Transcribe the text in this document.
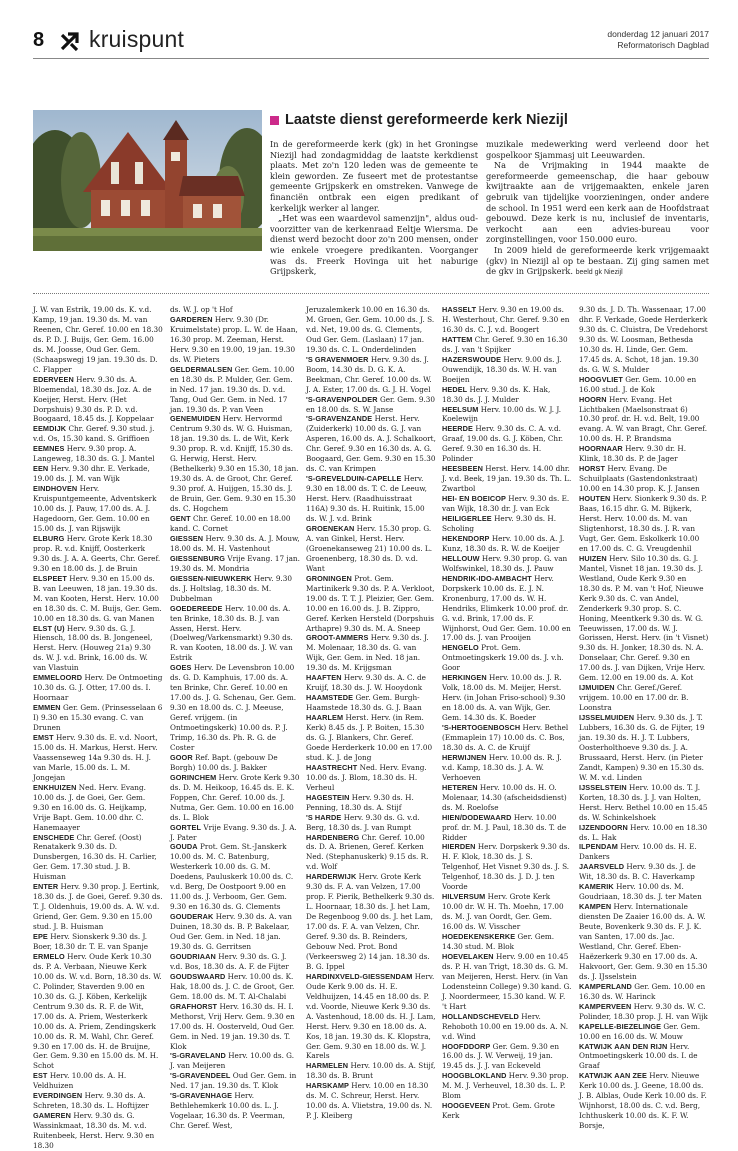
8 kruispunt	donderdag 12 januari 2017
Reformatorisch Dagblad
Laatste dienst gereformeerde kerk Niezijl

In de gereformeerde kerk (gk) in het Groningse Niezijl had zondagmiddag de laatste kerkdienst plaats. Met zo'n 120 leden was de gemeente te klein geworden. Ze fuseert met de protestantse gemeente Grijpskerk en omstreken. Vanwege de financiën ontbrak een eigen predikant of kerkelijk werker al langer.

„Het was een waardevol samenzijn", aldus oud-voorzitter van de kerkenraad Eeltje Wiersma. De dienst werd bezocht door zo'n 200 mensen, onder wie enkele vroegere predikanten. Voorganger was ds. Freerk Hovinga uit het naburige Grijpskerk,

muzikale medewerking werd verleend door het gospelkoor Sjammasj uit Leeuwarden.

Na de Vrijmaking in 1944 maakte de gereformeerde gemeenschap, die haar gebouw kwijtraakte aan de vrijgemaakten, enkele jaren gebruik van tijdelijke voorzieningen, onder andere de school. In 1951 werd een kerk aan de Hoofdstraat gebouwd. Deze kerk is nu, inclusief de inventaris, verkocht aan een advies-bureau voor zorginstellingen, voor 150.000 euro.

In 2009 hield de gereformeerde kerk vrijgemaakt (gkv) in Niezijl al op te bestaan. Zij ging samen met de gkv in Grijpskerk. beeld gk Niezijl

J. W. van Estrik, 19.00 ds. K. v.d. Kamp, 19 jan. 19.30 ds. M. van Reenen, Chr. Geref. 10.00 en 18.30 ds. P. D. J. Buijs, Ger. Gem. 16.00 ds. M. Joosse, Oud Ger. Gem. (Schaapswegj 19 jan. 19.30 ds. D. C. Flapper

EDERVEEN Herv. 9.30 ds. A. Bloemendal, 18.30 ds. Joz. A. de Koeijer, Herst. Herv. (Het Dorpshuis) 9.30 ds. P. D. v.d. Boogaard, 18.45 ds. J. Koppelaar

EEMDIJK Chr. Geref. 9.30 stud. j. v.d. Os, 15.30 kand. S. Griffioen

EEMNES Herv. 9.30 prop. A. Langeweg, 18.30 ds. G. J. Mantel

EEN Herv. 9.30 dhr. E. Verkade, 19.00 ds. J. M. van Wijk

EINDHOVEN Herv. Kruispuntgemeente, Adventskerk 10.00 ds. J. Pauw, 17.00 ds. A. J. Hagedoorn, Ger. Gem. 10.00 en 15.00 ds. J. van Rijswijk

ELBURG Herv. Grote Kerk 18.30 prop. R. v.d. Knijff, Oosterkerk 9.30 ds. J. A. A. Geerts, Chr. Geref. 9.30 en 18.00 ds. J. de Bruin

ELSPEET Herv. 9.30 en 15.00 ds. B. van Leeuwen, 18 jan. 19.30 ds. M. van Kooten, Herst. Herv. 10.00 en 18.30 ds. C. M. Buijs, Ger. Gem. 10.00 en 18.30 ds. G. van Manen

ELST (U) Herv. 9.30 ds. G. J. Hiensch, 18.00 ds. B. Jongeneel, Herst. Herv. (Houweg 21a) 9.30 ds. W. J. v.d. Brink, 16.00 ds. W. van Vlastuin

EMMELOORD Herv. De Ontmoeting 10.30 ds. G. J. Otter, 17.00 ds. I. Hoornaar

EMMEN Ger. Gem. (Prinsesselaan 6 I) 9.30 en 15.30 evang. C. van Drunen

EMST Herv. 9.30 ds. E. v.d. Noort, 15.00 ds. H. Markus, Herst. Herv. Vaassenseweg 14a 9.30 ds. H. J. van Marle, 15.00 ds. L. M. Jongejan

ENKHUIZEN Ned. Herv. Evang. 10.00 ds. J. de Goei, Ger. Gem. 9.30 en 16.00 ds. G. Heijkamp, Vrije Bapt. Gem. 10.00 dhr. C. Hanemaayer

ENSCHEDE Chr. Geref. (Oost) Renatakerk 9.30 ds. D. Dunsbergen, 16.30 ds. H. Carlier, Ger. Gem. 17.30 stud. J. B. Huisman

ENTER Herv. 9.30 prop. J. Eertink, 18.30 ds. J. de Goei, Geref. 9.30 ds. T. J. Oldenhuis, 19.00 ds. A. W. v.d. Griend, Ger. Gem. 9.30 en 15.00 stud. J. B. Huisman

EPE Herv. Sionskerk 9.30 ds. J. Boer, 18.30 dr. T. E. van Spanje

ERMELO Herv. Oude Kerk 10.30 ds. P. A. Verbaan, Nieuwe Kerk 10.00 ds. W. v.d. Born, 18.30 ds. W. C. Polinder, Staverden 9.00 en 10.30 ds. G. J. Köben, Kerkelijk Centrum 9.30 ds. R. F. de Wit, 17.00 ds. A. Priem, Westerkerk 10.00 ds. A. Priem, Zendingskerk 10.00 ds. R. M. Wahl, Chr. Geref. 9.30 en 17.00 ds. H. de Bruijne, Ger. Gem. 9.30 en 15.00 ds. M. H. Schot

EST Herv. 10.00 ds. A. H. Veldhuizen

EVERDINGEN Herv. 9.30 ds. A. Schreten, 18.30 ds. L. Hoftijzer

GAMEREN Herv. 9.30 ds. G. Wassinkmaat, 18.30 ds. M. v.d. Ruitenbeek, Herst. Herv. 9.30 en 18.30

ds. W. J. op 't Hof

GARDEREN Herv. 9.30 (Dr. Kruimelstate) prop. L. W. de Haan, 16.30 prop. M. Zeeman, Herst. Herv. 9.30 en 19.00, 19 jan. 19.30 ds. W. Pieters

GELDERMALSEN Ger. Gem. 10.00 en 18.30 ds. P. Mulder, Ger. Gem. in Ned. 17 jan. 19.30 ds. D. v.d. Tang, Oud Ger. Gem. in Ned. 17 jan. 19.30 ds. P. van Veen

GENEMUIDEN Herv. Hervormd Centrum 9.30 ds. W. G. Huisman, 18 jan. 19.30 ds. L. de Wit, Kerk 9.30 prop. R. v.d. Knijff, 15.30 ds. G. Herwig, Herst. Herv. (Bethelkerk) 9.30 en 15.30, 18 jan. 19.30 ds. A. de Groot, Chr. Geref. 9.30 prof. A. Huijgen, 15.30 ds. J. de Bruin, Ger. Gem. 9.30 en 15.30 ds. C. Hogchem

GENT Chr. Geref. 10.00 en 18.00 kand. C. Cornet

GIESSEN Herv. 9.30 ds. A. J. Mouw, 18.00 ds. M. H. Vastenhout

GIESSENBURG Vrije Evang. 17 jan. 19.30 ds. M. Mondria

GIESSEN-NIEUWKERK Herv. 9.30 ds. J. Holtslag, 18.30 ds. M. Dubbelman

GOEDEREEDE Herv. 10.00 ds. A. ten Brinke, 18.30 ds. B. J. van Assen, Herst. Herv. (Doelweg/Varkensmarkt) 9.30 ds. R. van Kooten, 18.00 ds. J. W. van Estrik

GOES Herv. De Levensbron 10.00 ds. G. D. Kamphuis, 17.00 ds. A. ten Brinke, Chr. Geref. 10.00 en 17.00 ds. J. G. Schenau, Ger. Gem. 9.30 en 18.00 ds. C. J. Meeuse, Geref. vrijgem. (in Ontmoetingskerk) 10.00 ds. P. J. Trimp, 16.30 ds. Ph. R. G. de Coster

GOOR Ref. Bapt. (gebouw De Borgh) 10.00 ds. J. Bakker

GORINCHEM Herv. Grote Kerk 9.30 ds. D. M. Heikoop, 16.45 ds. E. K. Foppen, Chr. Geref. 10.00 ds. J. Nutma, Ger. Gem. 10.00 en 16.00 ds. L. Blok

GORTEL Vrije Evang. 9.30 ds. J. A. J. Pater

GOUDA Prot. Gem. St.-Janskerk 10.00 ds. M. C. Batenburg, Westerkerk 10.00 ds. G. M. Doedens, Pauluskerk 10.00 ds. C. v.d. Berg, De Oostpoort 9.00 en 11.00 ds. J. Verboom, Ger. Gem. 9.30 en 16.30 ds. G. Clements

GOUDERAK Herv. 9.30 ds. A. van Duinen, 18.30 ds. B. P. Bakelaar, Oud Ger. Gem. in Ned. 18 jan. 19.30 ds. G. Gerritsen

GOUDRIAAN Herv. 9.30 ds. G. J. v.d. Bos, 18.30 ds. A. F. de Fijter

GOUDSWAARD Herv. 10.00 ds. K. Hak, 18.00 ds. J. C. de Groot, Ger. Gem. 18.00 ds. M. T. Al-Chalabi

GRAFHORST Herv. 16.30 ds. H. I. Methorst, Vrij Herv. Gem. 9.30 en 17.00 ds. H. Oosterveld, Oud Ger. Gem. in Ned. 19 jan. 19.30 ds. T. Klok

'S-GRAVELAND Herv. 10.00 ds. G. J. van Meijeren

'S-GRAVENDEEL Oud Ger. Gem. in Ned. 17 jan. 19.30 ds. T. Klok

'S-GRAVENHAGE Herv. Bethlehemkerk 10.00 ds. L. J. Vogelaar, 16.30 ds. P. Veerman, Chr. Geref. West,

Jeruzalemkerk 10.00 en 16.30 ds. M. Groen, Ger. Gem. 10.00 ds. J. S. v.d. Net, 19.00 ds. G. Clements, Oud Ger. Gem. (Laslaan) 17 jan. 19.30 ds. C. L. Onderdelinden

'S GRAVENMOER Herv. 9.30 ds. J. Boom, 14.30 ds. D. G. K. A. Beekman, Chr. Geref. 10.00 ds. W. J. A. Ester, 17.00 ds. G. J. H. Vogel

'S-GRAVENPOLDER Ger. Gem. 9.30 en 18.00 ds. S. W. Janse

'S-GRAVENZANDE Herst. Herv. (Zuiderkerk) 10.00 ds. G. J. van Asperen, 16.00 ds. A. J. Schalkoort, Chr. Geref. 9.30 en 16.30 ds. A. G. Boogaard, Ger. Gem. 9.30 en 15.30 ds. C. van Krimpen

'S-GREVELDUIN-CAPELLE Herv. 9.30 en 18.00 ds. T. C. de Leeuw, Herst. Herv. (Raadhuisstraat 116A) 9.30 ds. H. Ruitink, 15.00 ds. W. J. v.d. Brink

GROENEKAN Herv. 15.30 prop. G. A. van Ginkel, Herst. Herv. (Groenekanseweg 21) 10.00 ds. L. Groenenberg, 18.30 ds. D. v.d. Want

GRONINGEN Prot. Gem. Martinikerk 9.30 ds. P. A. Verkloot, 19.00 ds. T. T. J. Pleizier, Ger. Gem. 10.00 en 16.00 ds. J. B. Zippro, Geref. Kerken Hersteld (Dorpshuis Arthapre) 9.30 ds. M. A. Sneep

GROOT-AMMERS Herv. 9.30 ds. J. M. Molenaar, 18.30 ds. G. van Wijk, Ger. Gem. in Ned. 18 jan. 19.30 ds. M. Krijgsman

HAAFTEN Herv. 9.30 ds. A. C. de Kruijf, 18.30 ds. J. W. Hooydonk

HAAMSTEDE Ger. Gem. Burgh-Haamstede 18.30 ds. G. J. Baan

HAARLEM Herst. Herv. (in Rem. Kerk) 8.45 ds. J. P. Boiten, 15.30 ds. G. J. Blankers, Chr. Geref. Goede Herderkerk 10.00 en 17.00 stud. K. J. de Jong

HAASTRECHT Ned. Herv. Evang. 10.00 ds. J. Blom, 18.30 ds. H. Verheul

HAGESTEIN Herv. 9.30 ds. H. Penning, 18.30 ds. A. Stijf

'S HARDE Herv. 9.30 ds. G. v.d. Berg, 18.30 ds. J. van Rumpt

HARDENBERG Chr. Geref. 10.00 ds. D. A. Brienen, Geref. Kerken Ned. (Stephanuskerk) 9.15 ds. R. v.d. Wolf

HARDERWIJK Herv. Grote Kerk 9.30 ds. F. A. van Velzen, 17.00 prop. F. Pierik, Bethelkerk 9.30 ds. L. Hoornaar, 18.30 ds. J. het Lam, De Regenboog 9.00 ds. J. het Lam, 17.00 ds. F. A. van Velzen, Chr. Geref. 9.30 ds. B. Reinders, Gebouw Ned. Prot. Bond (Verkeersweg 2) 14 jan. 18.30 ds. B. G. Ippel

HARDINXVELD-GIESSENDAM Herv. Oude Kerk 9.00 ds. H. E. Veldhuijzen, 14.45 en 18.00 ds. P. v.d. Voorde, Nieuwe Kerk 9.30 ds. A. Vastenhoud, 18.00 ds. H. J. Lam, Herst. Herv. 9.30 en 18.00 ds. A. Kos, 18 jan. 19.30 ds. K. Klopstra, Ger. Gem. 9.30 en 18.00 ds. W. J. Karels

HARMELEN Herv. 10.00 ds. A. Stijf, 18.30 ds. B. Brunt

HARSKAMP Herv. 10.00 en 18.30 ds. M. C. Schreur, Herst. Herv. 10.00 ds. A. Vlietstra, 19.00 ds. N. P. J. Kleiberg

HASSELT Herv. 9.30 en 19.00 ds. H. Westerhout, Chr. Geref. 9.30 en 16.30 ds. C. J. v.d. Boogert

HATTEM Chr. Geref. 9.30 en 16.30 ds. J. van 't Spijker

HAZERSWOUDE Herv. 9.00 ds. J. Ouwendijk, 18.30 ds. W. H. van Boeijen

HEDEL Herv. 9.30 ds. K. Hak, 18.30 ds. J. J. Mulder

HEELSUM Herv. 10.00 ds. W. J. J. Koelewijn

HEERDE Herv. 9.30 ds. C. A. v.d. Graaf, 19.00 ds. G. J. Köben, Chr. Geref. 9.30 en 16.30 ds. H. Polinder

HEESBEEN Herst. Herv. 14.00 dhr. J. v.d. Beek, 19 jan. 19.30 ds. Th. L. Zwartbol

HEI- EN BOEICOP Herv. 9.30 ds. E. van Wijk, 18.30 dr. J. van Eck

HEILIGERLEE Herv. 9.30 ds. H. Scholing

HEKENDORP Herv. 10.00 ds. A. J. Kunz, 18.30 ds. R. W. de Koeijer

HELLOUW Herv. 9.30 prop. G. van Wolfswinkel, 18.30 ds. J. Pauw

HENDRIK-IDO-AMBACHT Herv. Dorpskerk 10.00 ds. E. J. N. Kronenburg, 17.00 ds. W. H. Hendriks, Elimkerk 10.00 prof. dr. G. v.d. Brink, 17.00 ds. F. Wijnhorst, Oud Ger. Gem. 10.00 en 17.00 ds. J. van Prooijen

HENGELO Prot. Gem. Ontmoetingskerk 19.00 ds. J. v.h. Goor

HERKINGEN Herv. 10.00 ds. J. R. Volk, 18.00 ds. M. Meijer, Herst. Herv. (in Johan Friso-school) 9.30 en 18.00 ds. A. van Wijk, Ger. Gem. 14.30 ds. K. Boeder

'S-HERTOGENBOSCH Herv. Bethel (Emmaplein 17) 10.00 ds. C. Bos, 18.30 ds. A. C. de Kruijf

HERWIJNEN Herv. 10.00 ds. R. J. v.d. Kamp, 18.30 ds. J. A. W. Verhoeven

HETEREN Herv. 10.00 ds. H. O. Molenaar, 14.30 (afscheidsdienst) ds. M. Roelofse

HIEN/DODEWAARD Herv. 10.00 prof. dr. M. J. Paul, 18.30 ds. T. de Ridder

HIERDEN Herv. Dorpskerk 9.30 ds. H. F. Klok, 18.30 ds. J. S. Telgenhof, Het Visnet 9.30 ds. J. S. Telgenhof, 18.30 ds. J. D. J. ten Voorde

HILVERSUM Herv. Grote Kerk 10.00 dr. W. H. Th. Moehn, 17.00 ds. M. J. van Oordt, Ger. Gem. 16.00 ds. W. Visscher

HOEDEKENSKERKE Ger. Gem. 14.30 stud. M. Blok

HOEVELAKEN Herv. 9.00 en 10.45 ds. P. H. van Trigt, 18.30 ds. G. M. van Meijeren, Herst. Herv. (in Van Lodensteinn College) 9.30 kand. G. J. Noordermeer, 15.30 kand. W. F. 't Hart

HOLLANDSCHEVELD Herv. Rehoboth 10.00 en 19.00 ds. A. N. v.d. Wind

HOOFDDORP Ger. Gem. 9.30 en 16.00 ds. J. W. Verweij, 19 jan. 19.45 ds. J. J. van Eckeveld

HOOGBLOKLAND Herv. 9.30 prop. M. M. J. Verheuvel, 18.30 ds. L. P. Blom

HOOGEVEEN Prot. Gem. Grote Kerk

9.30 ds. J. D. Th. Wassenaar, 17.00 dhr. F. Verkade, Goede Herderkerk 9.30 ds. C. Cluistra, De Vredehorst 9.30 ds. W. Loosman, Bethesda 10.30 ds. H. Linde, Ger. Gem. 17.45 ds. A. Schot, 18 jan. 19.30 ds. G. W. S. Mulder

HOOGVLIET Ger. Gem. 10.00 en 16.00 stud. J. de Kok

HOORN Herv. Evang. Het Lichtbaken (Maelsonstraat 6) 10.30 prof. dr. H. v.d. Belt, 19.00 evang. A. W. van Bragt, Chr. Geref. 10.00 ds. H. P. Brandsma

HOORNAAR Herv. 9.30 dr. H. Klink, 18.30 ds. P. de Jager

HORST Herv. Evang. De Schuilplaats (Gastendonkstraat) 10.00 en 14.30 prop. K. J. Jansen

HOUTEN Herv. Sionkerk 9.30 ds. P. Baas, 16.15 dhr. G. M. Bijkerk, Herst. Herv. 10.00 ds. M. van Sligtenhorst, 18.30 ds. J. R. van Vugt, Ger. Gem. Eskolkerk 10.00 en 17.00 ds. C. G. Vreugdenhil

HUIZEN Herv. Silo 10.30 ds. G. J. Mantel, Visnet 18 jan. 19.30 ds. J. Westland, Oude Kerk 9.30 en 18.30 ds. P. M. van 't Hof, Nieuwe Kerk 9.30 ds. C. van Andel, Zenderkerk 9.30 prop. S. C. Honing, Meentkerk 9.30 ds. W. G. Teeuwissen, 17.00 ds. W. J. Gorissen, Herst. Herv. (in 't Visnet) 9.30 ds. H. Jonker, 18.30 ds. N. A. Donselaar, Chr. Geref. 9.30 en 17.00 ds. J. van Dijken, Vrije Herv. Gem. 12.00 en 19.00 ds. A. Kot

IJMUIDEN Chr. Geref./Geref. vrijgem. 10.00 en 17.00 dr. B. Loonstra

IJSSELMUIDEN Herv. 9.30 ds. J. T. Lubbers, 16.30 ds. G. de Fijter, 19 jan. 19.30 ds. H. J. T. Lubbers, Oosterholthoeve 9.30 ds. J. A. Brussaard, Herst. Herv. (in Pieter Zandt, Kampen) 9.30 en 15.30 ds. W. M. v.d. Linden

IJSSELSTEIN Herv. 10.00 ds. T. J. Korten, 18.30 ds. J. J. van Holten, Herst. Herv. Bethel 10.00 en 15.45 ds. W. Schinkelshoek

IJZENDOORN Herv. 10.00 en 18.30 ds. L. Hak

ILPENDAM Herv. 10.00 ds. H. E. Dankers

JAARSVELD Herv. 9.30 ds. J. de Wit, 18.30 ds. B. C. Haverkamp

KAMERIK Herv. 10.00 ds. M. Goudriaan, 18.30 ds. J. ter Maten

KAMPEN Herv. Internationale diensten De Zaaier 16.00 ds. A. W. Beute, Bovenkerk 9.30 ds. F. J. K. van Santen, 17.00 ds. Jac. Westland, Chr. Geref. Eben-Haëzerkerk 9.30 en 17.00 ds. A. Hakvoort, Ger. Gem. 9.30 en 15.30 ds. J. IJsselstein

KAMPERLAND Ger. Gem. 10.00 en 16.30 ds. W. Harinck

KAMPERVEEN Herv. 9.30 ds. W. C. Polinder, 18.30 prop. J. H. van Wijk

KAPELLE-BIEZELINGE Ger. Gem. 10.00 en 16.00 ds. W. Mouw

KATWIJK AAN DEN RIJN Herv. Ontmoetingskerk 10.00 ds. I. de Graaf

KATWIJK AAN ZEE Herv. Nieuwe Kerk 10.00 ds. J. Geene, 18.00 ds. J. B. Alblas, Oude Kerk 10.00 ds. F. Wijnhorst, 18.00 ds. C. v.d. Berg, Ichthuskerk 10.00 ds. K. F. W. Borsje,
